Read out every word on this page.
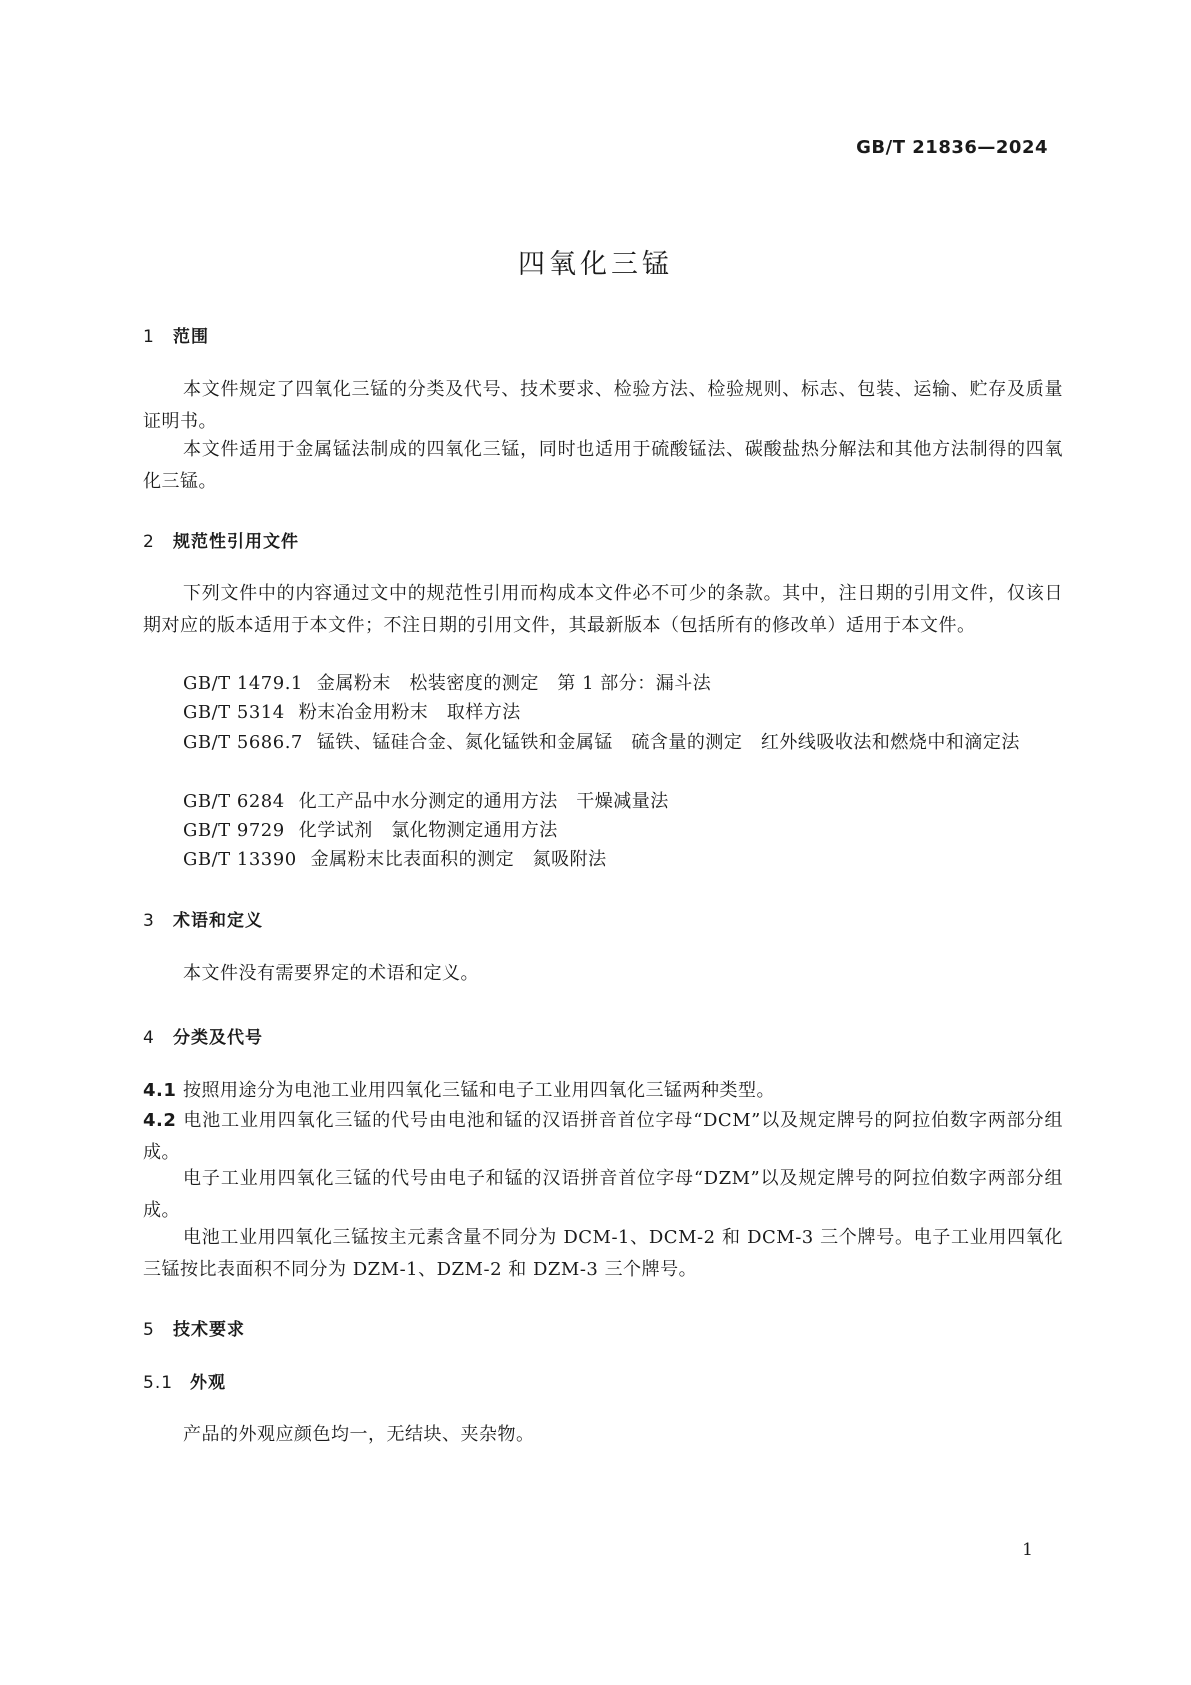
GB/T 21836—2024
四氧化三锰
1 范围
本文件规定了四氧化三锰的分类及代号、技术要求、检验方法、检验规则、标志、包装、运输、贮存及质量证明书。
本文件适用于金属锰法制成的四氧化三锰，同时也适用于硫酸锰法、碳酸盐热分解法和其他方法制得的四氧化三锰。
2 规范性引用文件
下列文件中的内容通过文中的规范性引用而构成本文件必不可少的条款。其中，注日期的引用文件，仅该日期对应的版本适用于本文件；不注日期的引用文件，其最新版本（包括所有的修改单）适用于本文件。
GB/T 1479.1 金属粉末　松装密度的测定　第 1 部分：漏斗法
GB/T 5314 粉末冶金用粉末　取样方法
GB/T 5686.7 锰铁、锰硅合金、氮化锰铁和金属锰　硫含量的测定　红外线吸收法和燃烧中和滴定法
GB/T 6284 化工产品中水分测定的通用方法　干燥减量法
GB/T 9729 化学试剂　氯化物测定通用方法
GB/T 13390 金属粉末比表面积的测定　氮吸附法
3 术语和定义
本文件没有需要界定的术语和定义。
4 分类及代号
4.1 按照用途分为电池工业用四氧化三锰和电子工业用四氧化三锰两种类型。
4.2 电池工业用四氧化三锰的代号由电池和锰的汉语拼音首位字母“DCM”以及规定牌号的阿拉伯数字两部分组成。
电子工业用四氧化三锰的代号由电子和锰的汉语拼音首位字母“DZM”以及规定牌号的阿拉伯数字两部分组成。
电池工业用四氧化三锰按主元素含量不同分为 DCM-1、DCM-2 和 DCM-3 三个牌号。电子工业用四氧化三锰按比表面积不同分为 DZM-1、DZM-2 和 DZM-3 三个牌号。
5 技术要求
5.1 外观
产品的外观应颜色均一，无结块、夹杂物。
1
